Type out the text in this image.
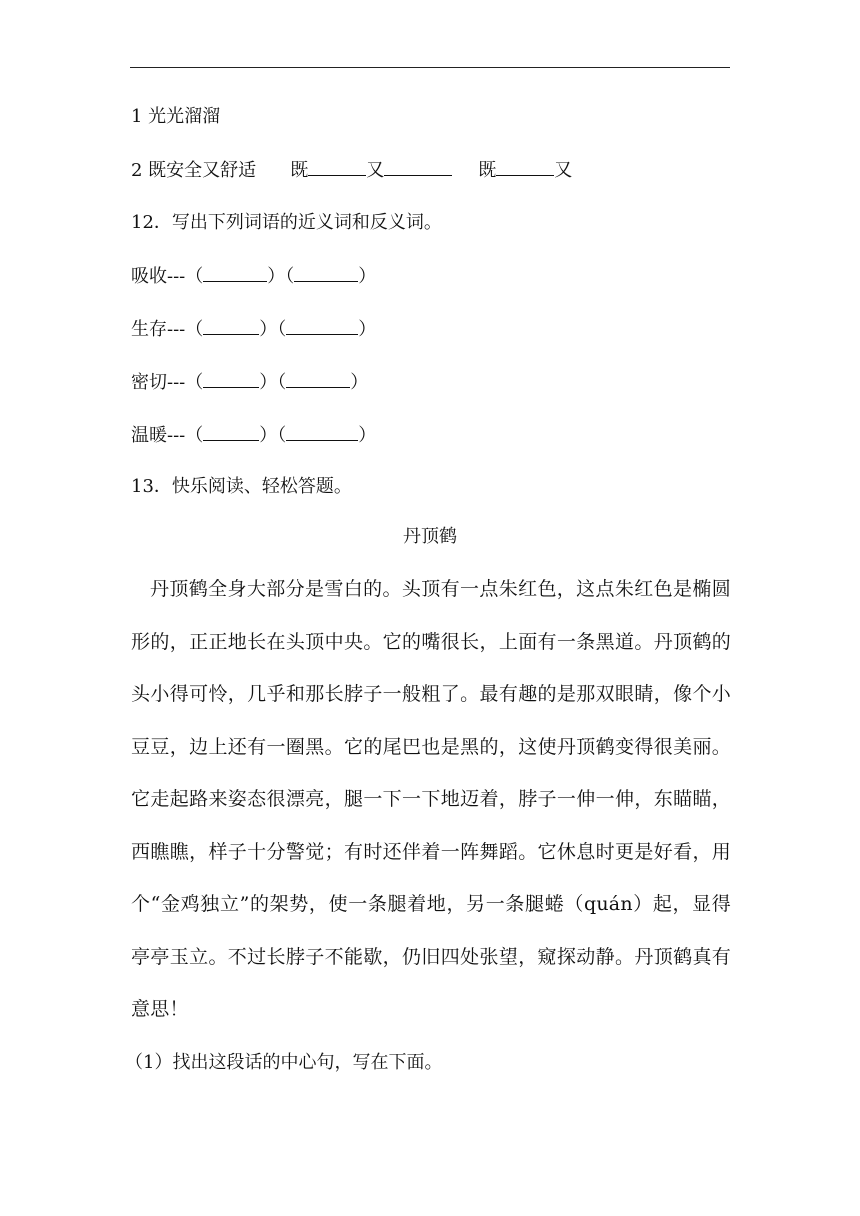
1 光光溜溜
2 既安全又舒适 既	又	既	又
12．写出下列词语的近义词和反义词。
吸收---（	）（	）
生存---（	）（	）
密切---（	）（	）
温暖---（	）（	）
13．快乐阅读、轻松答题。
丹顶鹤
丹顶鹤全身大部分是雪白的。头顶有一点朱红色，这点朱红色是椭圆形的，正正地长在头顶中央。它的嘴很长，上面有一条黑道。丹顶鹤的头小得可怜，几乎和那长脖子一般粗了。最有趣的是那双眼睛，像个小豆豆，边上还有一圈黑。它的尾巴也是黑的，这使丹顶鹤变得很美丽。它走起路来姿态很漂亮，腿一下一下地迈着，脖子一伸一伸，东瞄瞄，西瞧瞧，样子十分警觉；有时还伴着一阵舞蹈。它休息时更是好看，用个“金鸡独立”的架势，使一条腿着地，另一条腿蜷（quán）起，显得亭亭玉立。不过长脖子不能歇，仍旧四处张望，窥探动静。丹顶鹤真有意思！
（1）找出这段话的中心句，写在下面。
